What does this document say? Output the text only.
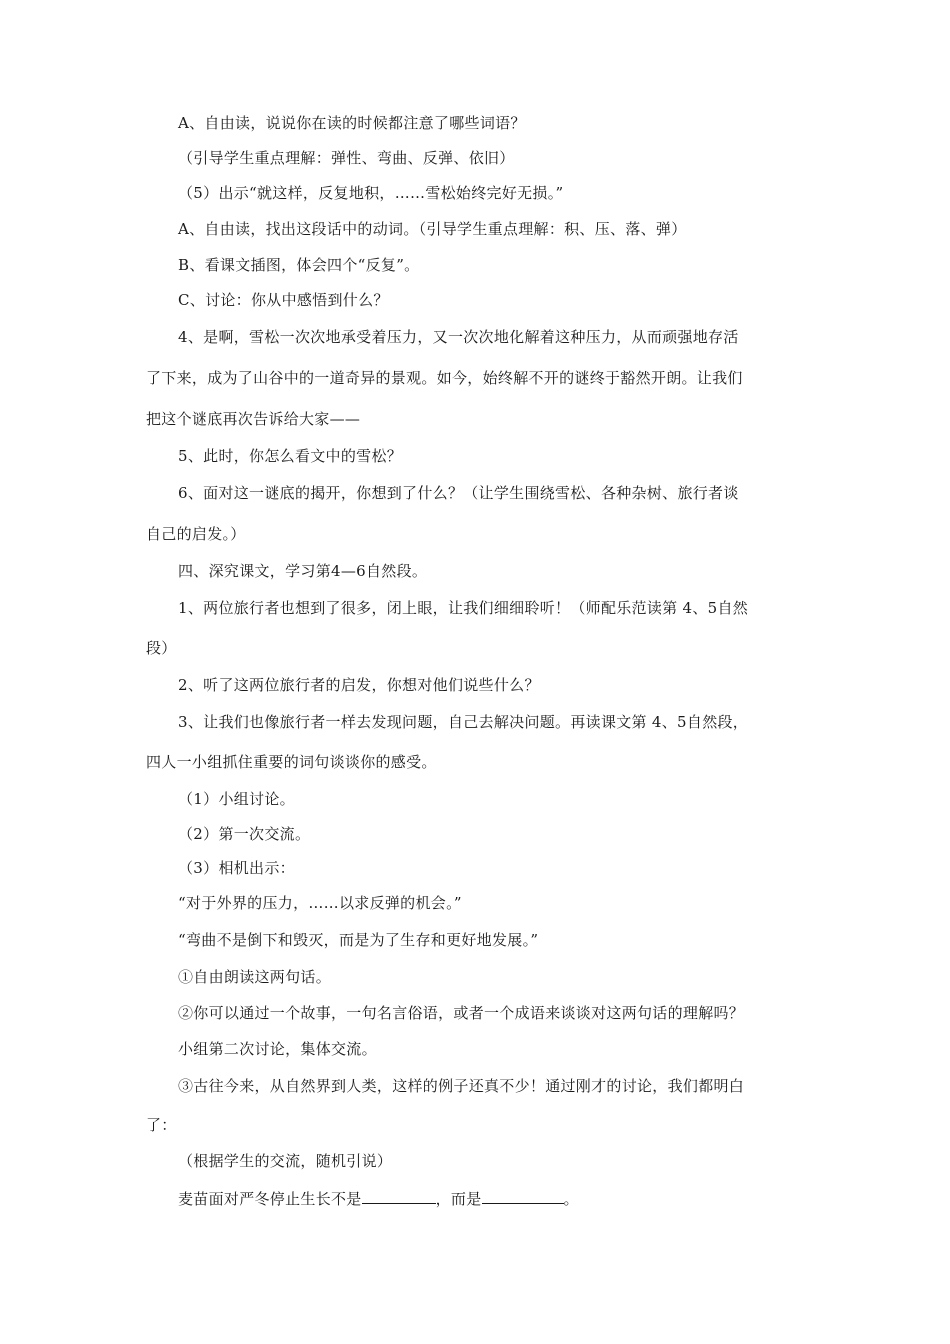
A、自由读，说说你在读的时候都注意了哪些词语？
（引导学生重点理解：弹性、弯曲、反弹、依旧）
（5）出示“就这样，反复地积，……雪松始终完好无损。”
A、自由读，找出这段话中的动词。（引导学生重点理解：积、压、落、弹）
B、看课文插图，体会四个“反复”。
C、讨论：你从中感悟到什么？
4、是啊，雪松一次次地承受着压力，又一次次地化解着这种压力，从而顽强地存活
了下来，成为了山谷中的一道奇异的景观。如今，始终解不开的谜终于豁然开朗。让我们
把这个谜底再次告诉给大家——
5、此时，你怎么看文中的雪松？
6、面对这一谜底的揭开，你想到了什么？（让学生围绕雪松、各种杂树、旅行者谈
自己的启发。）
四、深究课文，学习第4—6自然段。
1、两位旅行者也想到了很多，闭上眼，让我们细细聆听！（师配乐范读第 4、5自然
段）
2、听了这两位旅行者的启发，你想对他们说些什么？
3、让我们也像旅行者一样去发现问题，自己去解决问题。再读课文第 4、5自然段，
四人一小组抓住重要的词句谈谈你的感受。
（1）小组讨论。
（2）第一次交流。
（3）相机出示：
“对于外界的压力，……以求反弹的机会。”
“弯曲不是倒下和毁灭，而是为了生存和更好地发展。”
①自由朗读这两句话。
②你可以通过一个故事，一句名言俗语，或者一个成语来谈谈对这两句话的理解吗？
小组第二次讨论，集体交流。
③古往今来，从自然界到人类，这样的例子还真不少！通过刚才的讨论，我们都明白
了：
（根据学生的交流，随机引说）
麦苗面对严冬停止生长不是	，而是	。
